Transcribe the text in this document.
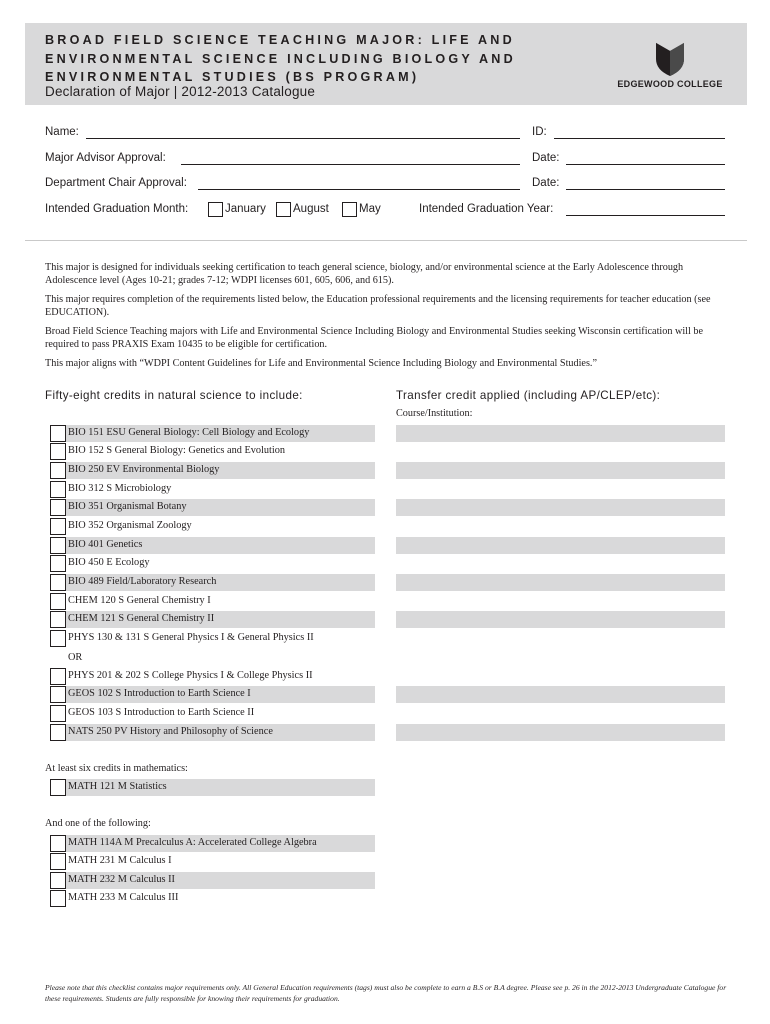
BROAD FIELD SCIENCE TEACHING MAJOR: LIFE AND ENVIRONMENTAL SCIENCE INCLUDING BIOLOGY AND ENVIRONMENTAL STUDIES (BS PROGRAM)
Declaration of Major | 2012-2013 Catalogue	EDGEWOOD COLLEGE
Name:	ID:
Major Advisor Approval:	Date:
Department Chair Approval:	Date:
Intended Graduation Month:	January August	May	Intended Graduation Year:

This major is designed for individuals seeking certification to teach general science, biology, and/or environmental science at the Early Adolescence through Adolescence level (Ages 10-21; grades 7-12; WDPI licenses 601, 605, 606, and 615).

This major requires completion of the requirements listed below, the Education professional requirements and the licensing requirements for teacher education (see EDUCATION).

Broad Field Science Teaching majors with Life and Environmental Science Including Biology and Environmental Studies seeking Wisconsin certification will be required to pass PRAXIS Exam 10435 to be eligible for certification.

This major aligns with “WDPI Content Guidelines for Life and Environmental Science Including Biology and Environmental Studies.”

Fifty-eight credits in natural science to include:	Transfer credit applied (including AP/CLEP/etc):
Course/Institution:
BIO 151 ESU General Biology: Cell Biology and Ecology
BIO 152 S General Biology: Genetics and Evolution
BIO 250 EV Environmental Biology
BIO 312 S Microbiology
BIO 351 Organismal Botany
BIO 352 Organismal Zoology
BIO 401 Genetics
BIO 450 E Ecology
BIO 489 Field/Laboratory Research
CHEM 120 S General Chemistry I
CHEM 121 S General Chemistry II
PHYS 130 & 131 S General Physics I & General Physics II
OR
PHYS 201 & 202 S College Physics I & College Physics II
GEOS 102 S Introduction to Earth Science I
GEOS 103 S Introduction to Earth Science II
NATS 250 PV History and Philosophy of Science
At least six credits in mathematics:
MATH 121 M Statistics
And one of the following:
MATH 114A M Precalculus A: Accelerated College Algebra
MATH 231 M Calculus I
MATH 232 M Calculus II
MATH 233 M Calculus III

Please note that this checklist contains major requirements only. All General Education requirements (tags) must also be complete to earn a B.S or B.A degree. Please see p. 26 in the 2012-2013 Undergraduate Catalogue for these requirements. Students are fully responsible for knowing their requirements for graduation.
